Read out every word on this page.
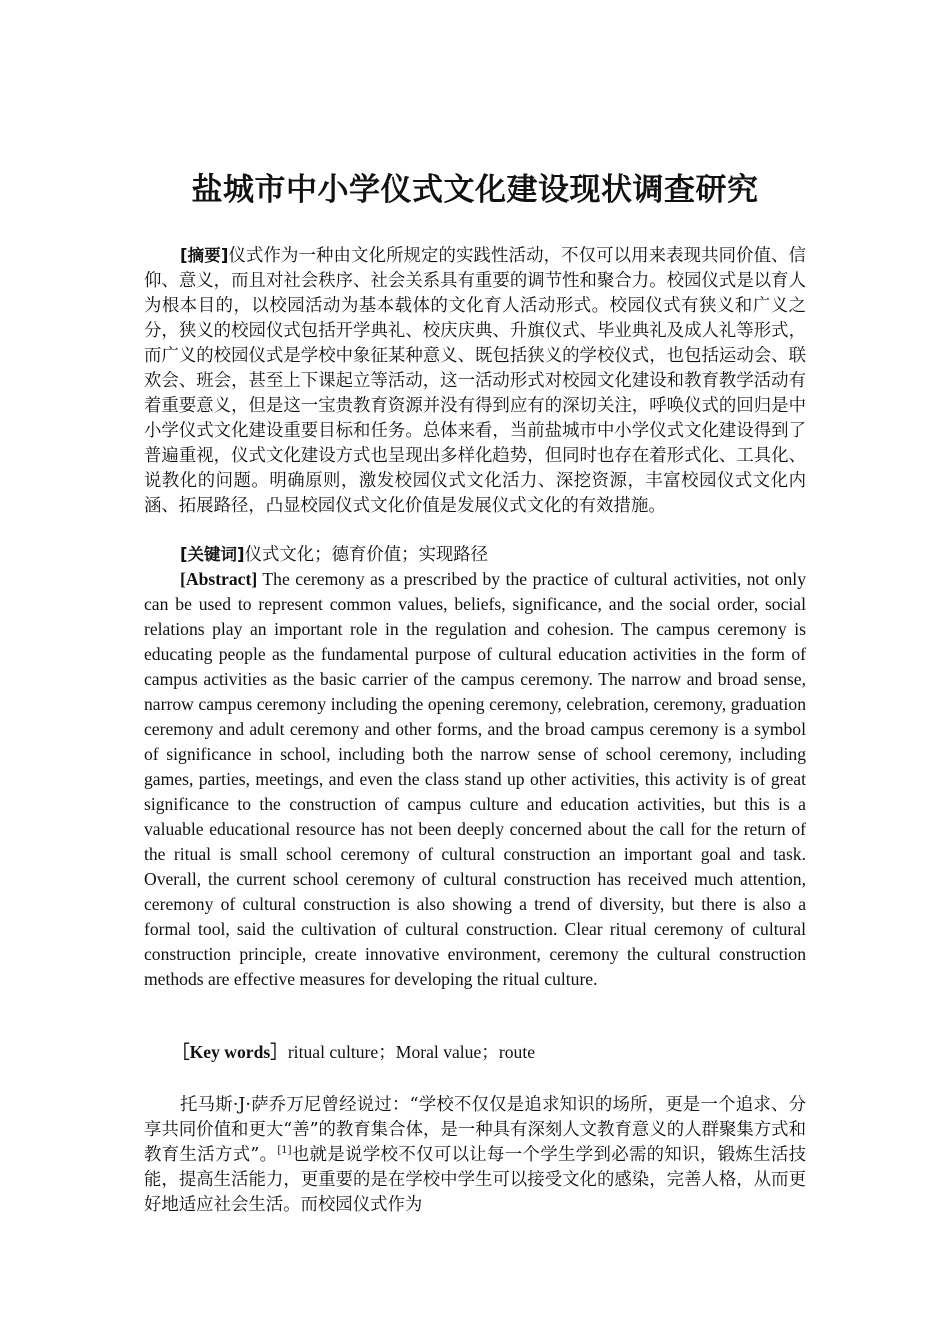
盐城市中小学仪式文化建设现状调查研究

[摘要]仪式作为一种由文化所规定的实践性活动，不仅可以用来表现共同价值、信仰、意义，而且对社会秩序、社会关系具有重要的调节性和聚合力。校园仪式是以育人为根本目的，以校园活动为基本载体的文化育人活动形式。校园仪式有狭义和广义之分，狭义的校园仪式包括开学典礼、校庆庆典、升旗仪式、毕业典礼及成人礼等形式，而广义的校园仪式是学校中象征某种意义、既包括狭义的学校仪式，也包括运动会、联欢会、班会，甚至上下课起立等活动，这一活动形式对校园文化建设和教育教学活动有着重要意义，但是这一宝贵教育资源并没有得到应有的深切关注，呼唤仪式的回归是中小学仪式文化建设重要目标和任务。总体来看，当前盐城市中小学仪式文化建设得到了普遍重视，仪式文化建设方式也呈现出多样化趋势，但同时也存在着形式化、工具化、说教化的问题。明确原则，激发校园仪式文化活力、深挖资源，丰富校园仪式文化内涵、拓展路径，凸显校园仪式文化价值是发展仪式文化的有效措施。

[关键词]仪式文化；德育价值；实现路径

[Abstract] The ceremony as a prescribed by the practice of cultural activities, not only can be used to represent common values, beliefs, significance, and the social order, social relations play an important role in the regulation and cohesion. The campus ceremony is educating people as the fundamental purpose of cultural education activities in the form of campus activities as the basic carrier of the campus ceremony. The narrow and broad sense, narrow campus ceremony including the opening ceremony, celebration, ceremony, graduation ceremony and adult ceremony and other forms, and the broad campus ceremony is a symbol of significance in school, including both the narrow sense of school ceremony, including games, parties, meetings, and even the class stand up other activities, this activity is of great significance to the construction of campus culture and education activities, but this is a valuable educational resource has not been deeply concerned about the call for the return of the ritual is small school ceremony of cultural construction an important goal and task. Overall, the current school ceremony of cultural construction has received much attention, ceremony of cultural construction is also showing a trend of diversity, but there is also a formal tool, said the cultivation of cultural construction. Clear ritual ceremony of cultural construction principle, create innovative environment, ceremony the cultural construction methods are effective measures for developing the ritual culture.

［Key words］ritual culture；Moral value；route

托马斯·J·萨乔万尼曾经说过：“学校不仅仅是追求知识的场所，更是一个追求、分享共同价值和更大“善”的教育集合体，是一种具有深刻人文教育意义的人群聚集方式和教育生活方式”。[1]也就是说学校不仅可以让每一个学生学到必需的知识，锻炼生活技能，提高生活能力，更重要的是在学校中学生可以接受文化的感染，完善人格，从而更好地适应社会生活。而校园仪式作为
